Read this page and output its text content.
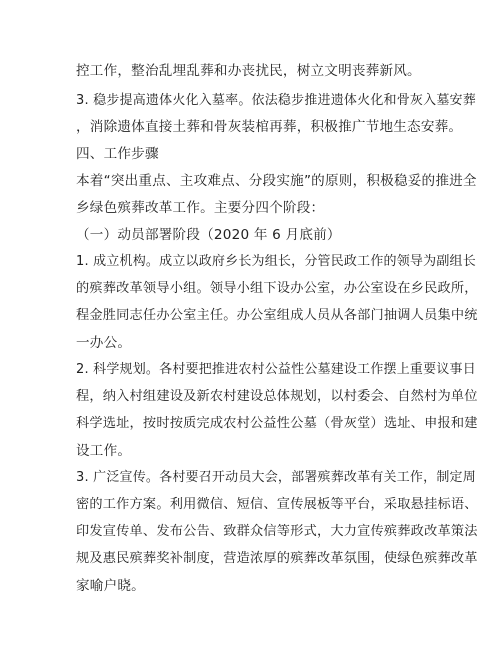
控工作，整治乱埋乱葬和办丧扰民，树立文明丧葬新风。
3. 稳步提高遗体火化入墓率。依法稳步推进遗体火化和骨灰入墓安葬
，消除遗体直接土葬和骨灰装棺再葬，积极推广节地生态安葬。
四、工作步骤
本着“突出重点、主攻难点、分段实施”的原则，积极稳妥的推进全
乡绿色殡葬改革工作。主要分四个阶段：
（一）动员部署阶段（2020 年 6 月底前）
1. 成立机构。成立以政府乡长为组长，分管民政工作的领导为副组长
的殡葬改革领导小组。领导小组下设办公室，办公室设在乡民政所，
程金胜同志任办公室主任。办公室组成人员从各部门抽调人员集中统
一办公。
2. 科学规划。各村要把推进农村公益性公墓建设工作摆上重要议事日
程，纳入村组建设及新农村建设总体规划，以村委会、自然村为单位
科学选址，按时按质完成农村公益性公墓（骨灰堂）选址、申报和建
设工作。
3. 广泛宣传。各村要召开动员大会，部署殡葬改革有关工作，制定周
密的工作方案。利用微信、短信、宣传展板等平台，采取悬挂标语、
印发宣传单、发布公告、致群众信等形式，大力宣传殡葬政改革策法
规及惠民殡葬奖补制度，营造浓厚的殡葬改革氛围，使绿色殡葬改革
家喻户晓。
